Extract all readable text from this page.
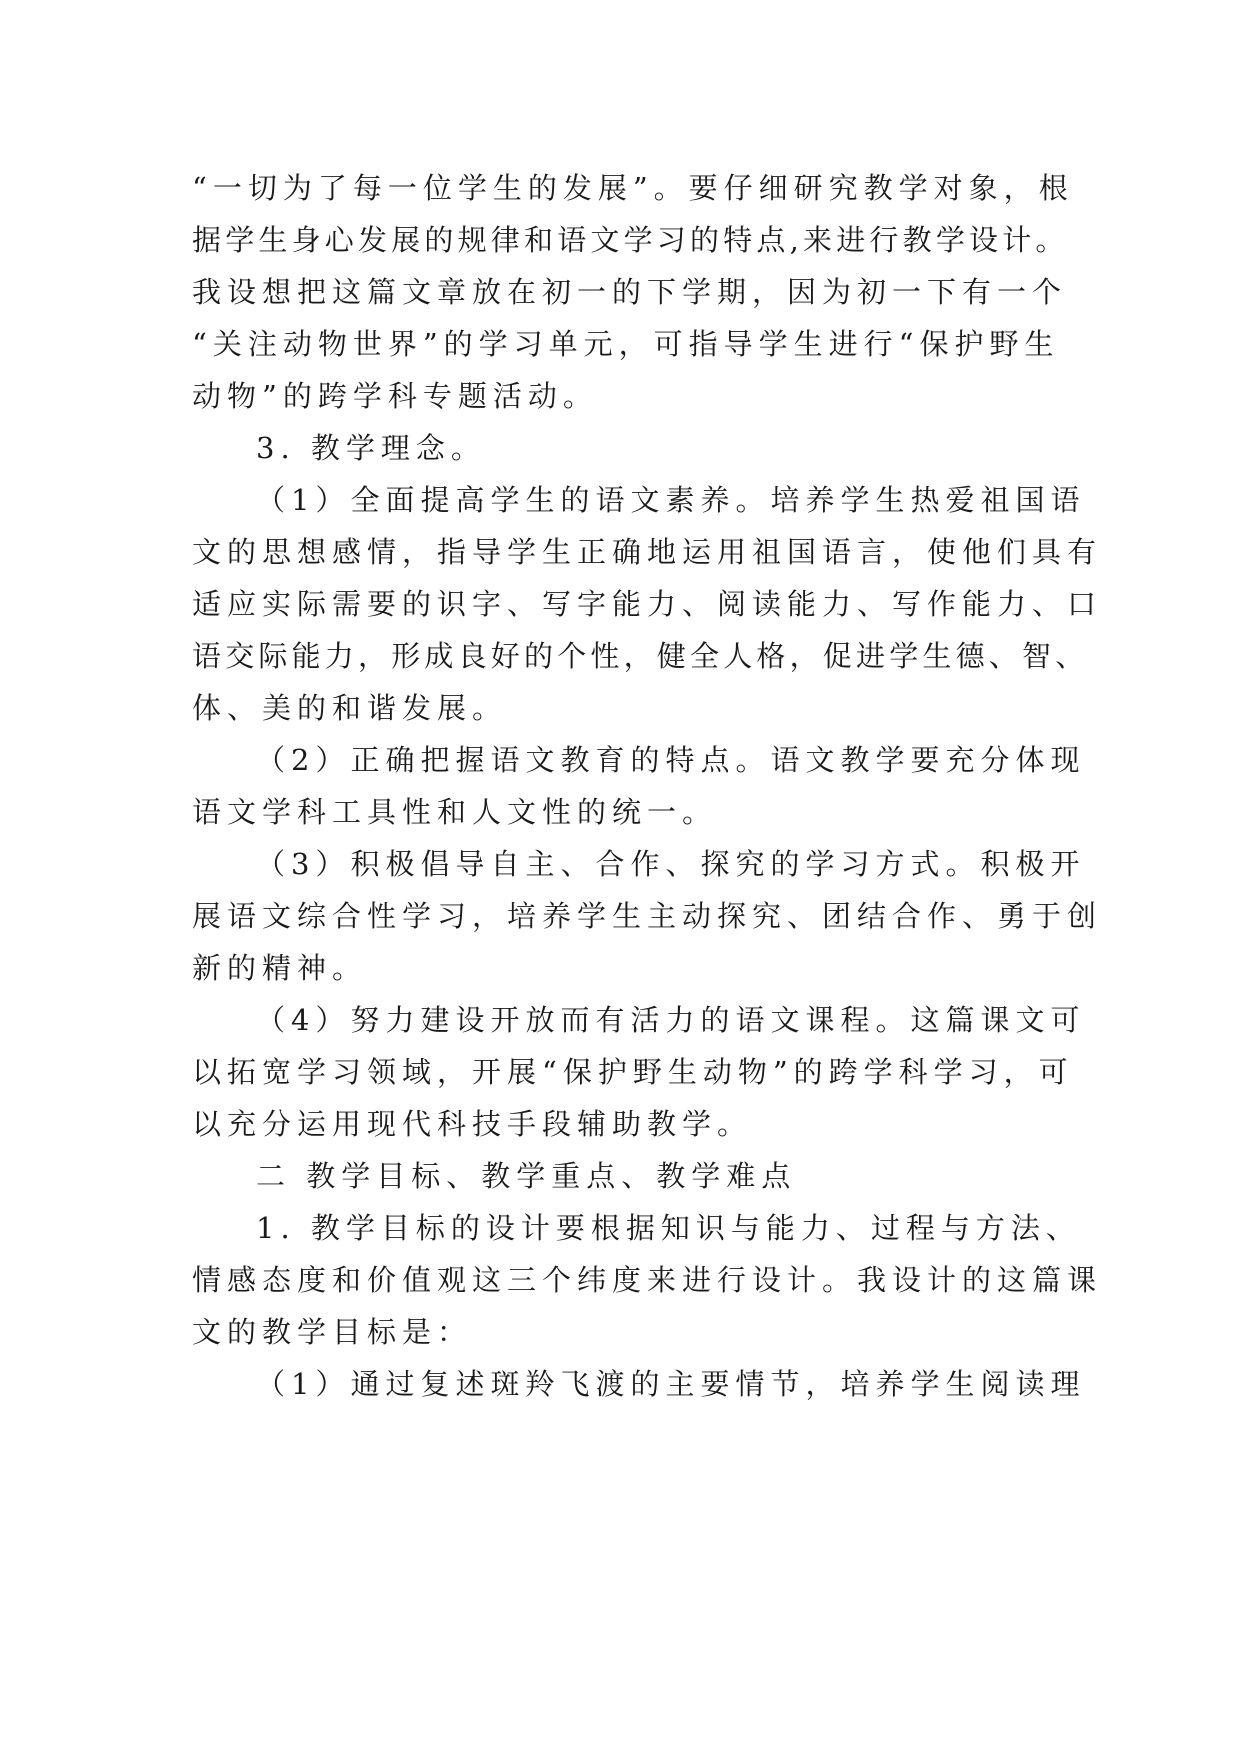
“一切为了每一位学生的发展”。要仔细研究教学对象，根
据学生身心发展的规律和语文学习的特点,来进行教学设计。
我设想把这篇文章放在初一的下学期，因为初一下有一个
“关注动物世界”的学习单元，可指导学生进行“保护野生
动物”的跨学科专题活动。
3. 教学理念。
（1）全面提高学生的语文素养。培养学生热爱祖国语
文的思想感情，指导学生正确地运用祖国语言，使他们具有
适应实际需要的识字、写字能力、阅读能力、写作能力、口
语交际能力，形成良好的个性，健全人格，促进学生德、智、
体、美的和谐发展。
（2）正确把握语文教育的特点。语文教学要充分体现
语文学科工具性和人文性的统一。
（3）积极倡导自主、合作、探究的学习方式。积极开
展语文综合性学习，培养学生主动探究、团结合作、勇于创
新的精神。
（4）努力建设开放而有活力的语文课程。这篇课文可
以拓宽学习领域，开展“保护野生动物”的跨学科学习，可
以充分运用现代科技手段辅助教学。
二 教学目标、教学重点、教学难点
1. 教学目标的设计要根据知识与能力、过程与方法、
情感态度和价值观这三个纬度来进行设计。我设计的这篇课
文的教学目标是：
（1）通过复述斑羚飞渡的主要情节，培养学生阅读理
